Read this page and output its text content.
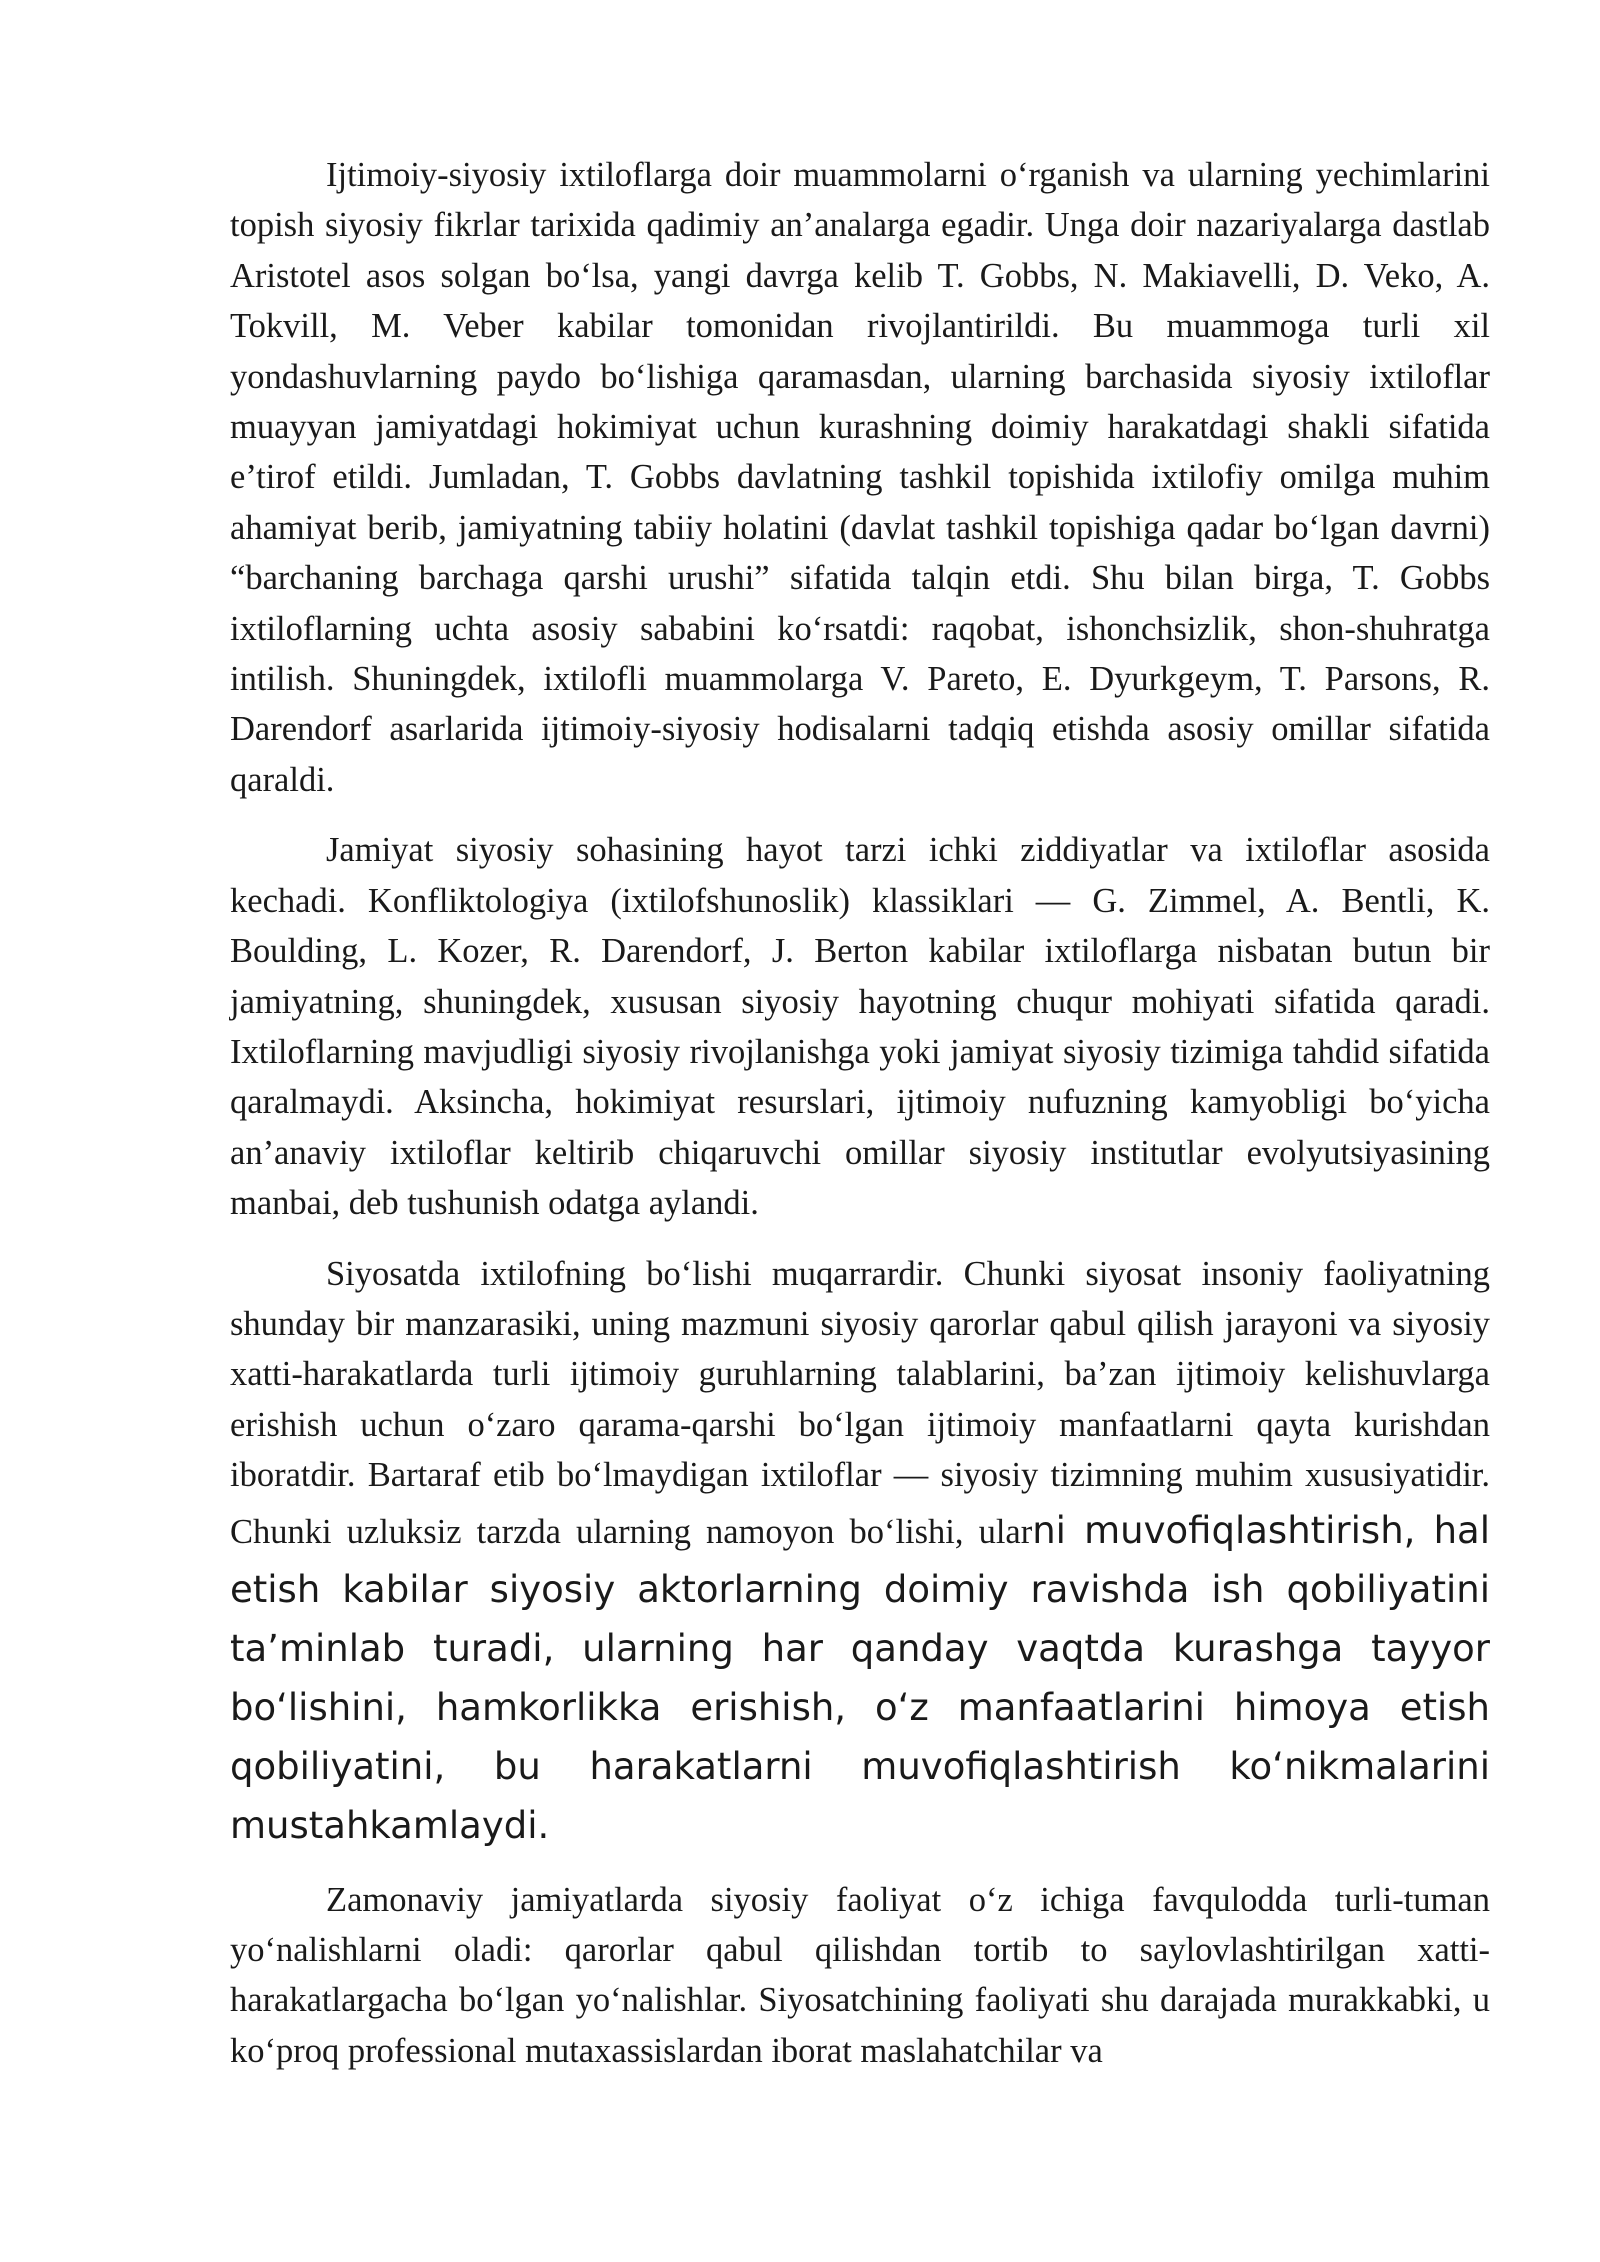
Ijtimoiy-siyosiy ixtiloflarga doir muammolarni o‘rganish va ularning yechimlarini topish siyosiy fikrlar tarixida qadimiy an’analarga egadir. Unga doir nazariyalarga dastlab Aristotel asos solgan bo‘lsa, yangi davrga kelib T. Gobbs, N. Makiavelli, D. Veko, A. Tokvill, M. Veber kabilar tomonidan rivojlantirildi. Bu muammoga turli xil yondashuvlarning paydo bo‘lishiga qaramasdan, ularning barchasida siyosiy ixtiloflar muayyan jamiyatdagi hokimiyat uchun kurashning doimiy harakatdagi shakli sifatida e’tirof etildi. Jumladan, T. Gobbs davlatning tashkil topishida ixtilofiy omilga muhim ahamiyat berib, jamiyatning tabiiy holatini (davlat tashkil topishiga qadar bo‘lgan davrni) “barchaning barchaga qarshi urushi” sifatida talqin etdi. Shu bilan birga, T. Gobbs ixtiloflarning uchta asosiy sababini ko‘rsatdi: raqobat, ishonchsizlik, shon-shuhratga intilish. Shuningdek, ixtilofli muammolarga V. Pareto, E. Dyurkgeym, T. Parsons, R. Darendorf asarlarida ijtimoiy-siyosiy hodisalarni tadqiq etishda asosiy omillar sifatida qaraldi.

Jamiyat siyosiy sohasining hayot tarzi ichki ziddiyatlar va ixtiloflar asosida kechadi. Konfliktologiya (ixtilofshunoslik) klassiklari — G. Zimmel, A. Bentli, K. Boulding, L. Kozer, R. Darendorf, J. Berton kabilar ixtiloflarga nisbatan butun bir jamiyatning, shuningdek, xususan siyosiy hayotning chuqur mohiyati sifatida qaradi. Ixtiloflarning mavjudligi siyosiy rivojlanishga yoki jamiyat siyosiy tizimiga tahdid sifatida qaralmaydi. Aksincha, hokimiyat resurslari, ijtimoiy nufuzning kamyobligi bo‘yicha an’anaviy ixtiloflar keltirib chiqaruvchi omillar siyosiy institutlar evolyutsiyasining manbai, deb tushunish odatga aylandi.

Siyosatda ixtilofning bo‘lishi muqarrardir. Chunki siyosat insoniy faoliyatning shunday bir manzarasiki, uning mazmuni siyosiy qarorlar qabul qilish jarayoni va siyosiy xatti-harakatlarda turli ijtimoiy guruhlarning talablarini, ba’zan ijtimoiy kelishuvlarga erishish uchun o‘zaro qarama-qarshi bo‘lgan ijtimoiy manfaatlarni qayta kurishdan iboratdir. Bartaraf etib bo‘lmaydigan ixtiloflar — siyosiy tizimning muhim xususiyatidir. Chunki uzluksiz tarzda ularning namoyon bo‘lishi, ularni muvofiqlashtirish, hal etish kabilar siyosiy aktorlarning doimiy ravishda ish qobiliyatini ta’minlab turadi, ularning har qanday vaqtda kurashga tayyor bo‘lishini, hamkorlikka erishish, o‘z manfaatlarini himoya etish qobiliyatini, bu harakatlarni muvofiqlashtirish ko‘nikmalarini mustahkamlaydi.

Zamonaviy jamiyatlarda siyosiy faoliyat o‘z ichiga favqulodda turli-tuman yo‘nalishlarni oladi: qarorlar qabul qilishdan tortib to saylovlashtirilgan xatti-harakatlargacha bo‘lgan yo‘nalishlar. Siyosatchining faoliyati shu darajada murakkabki, u ko‘proq professional mutaxassislardan iborat maslahatchilar va
